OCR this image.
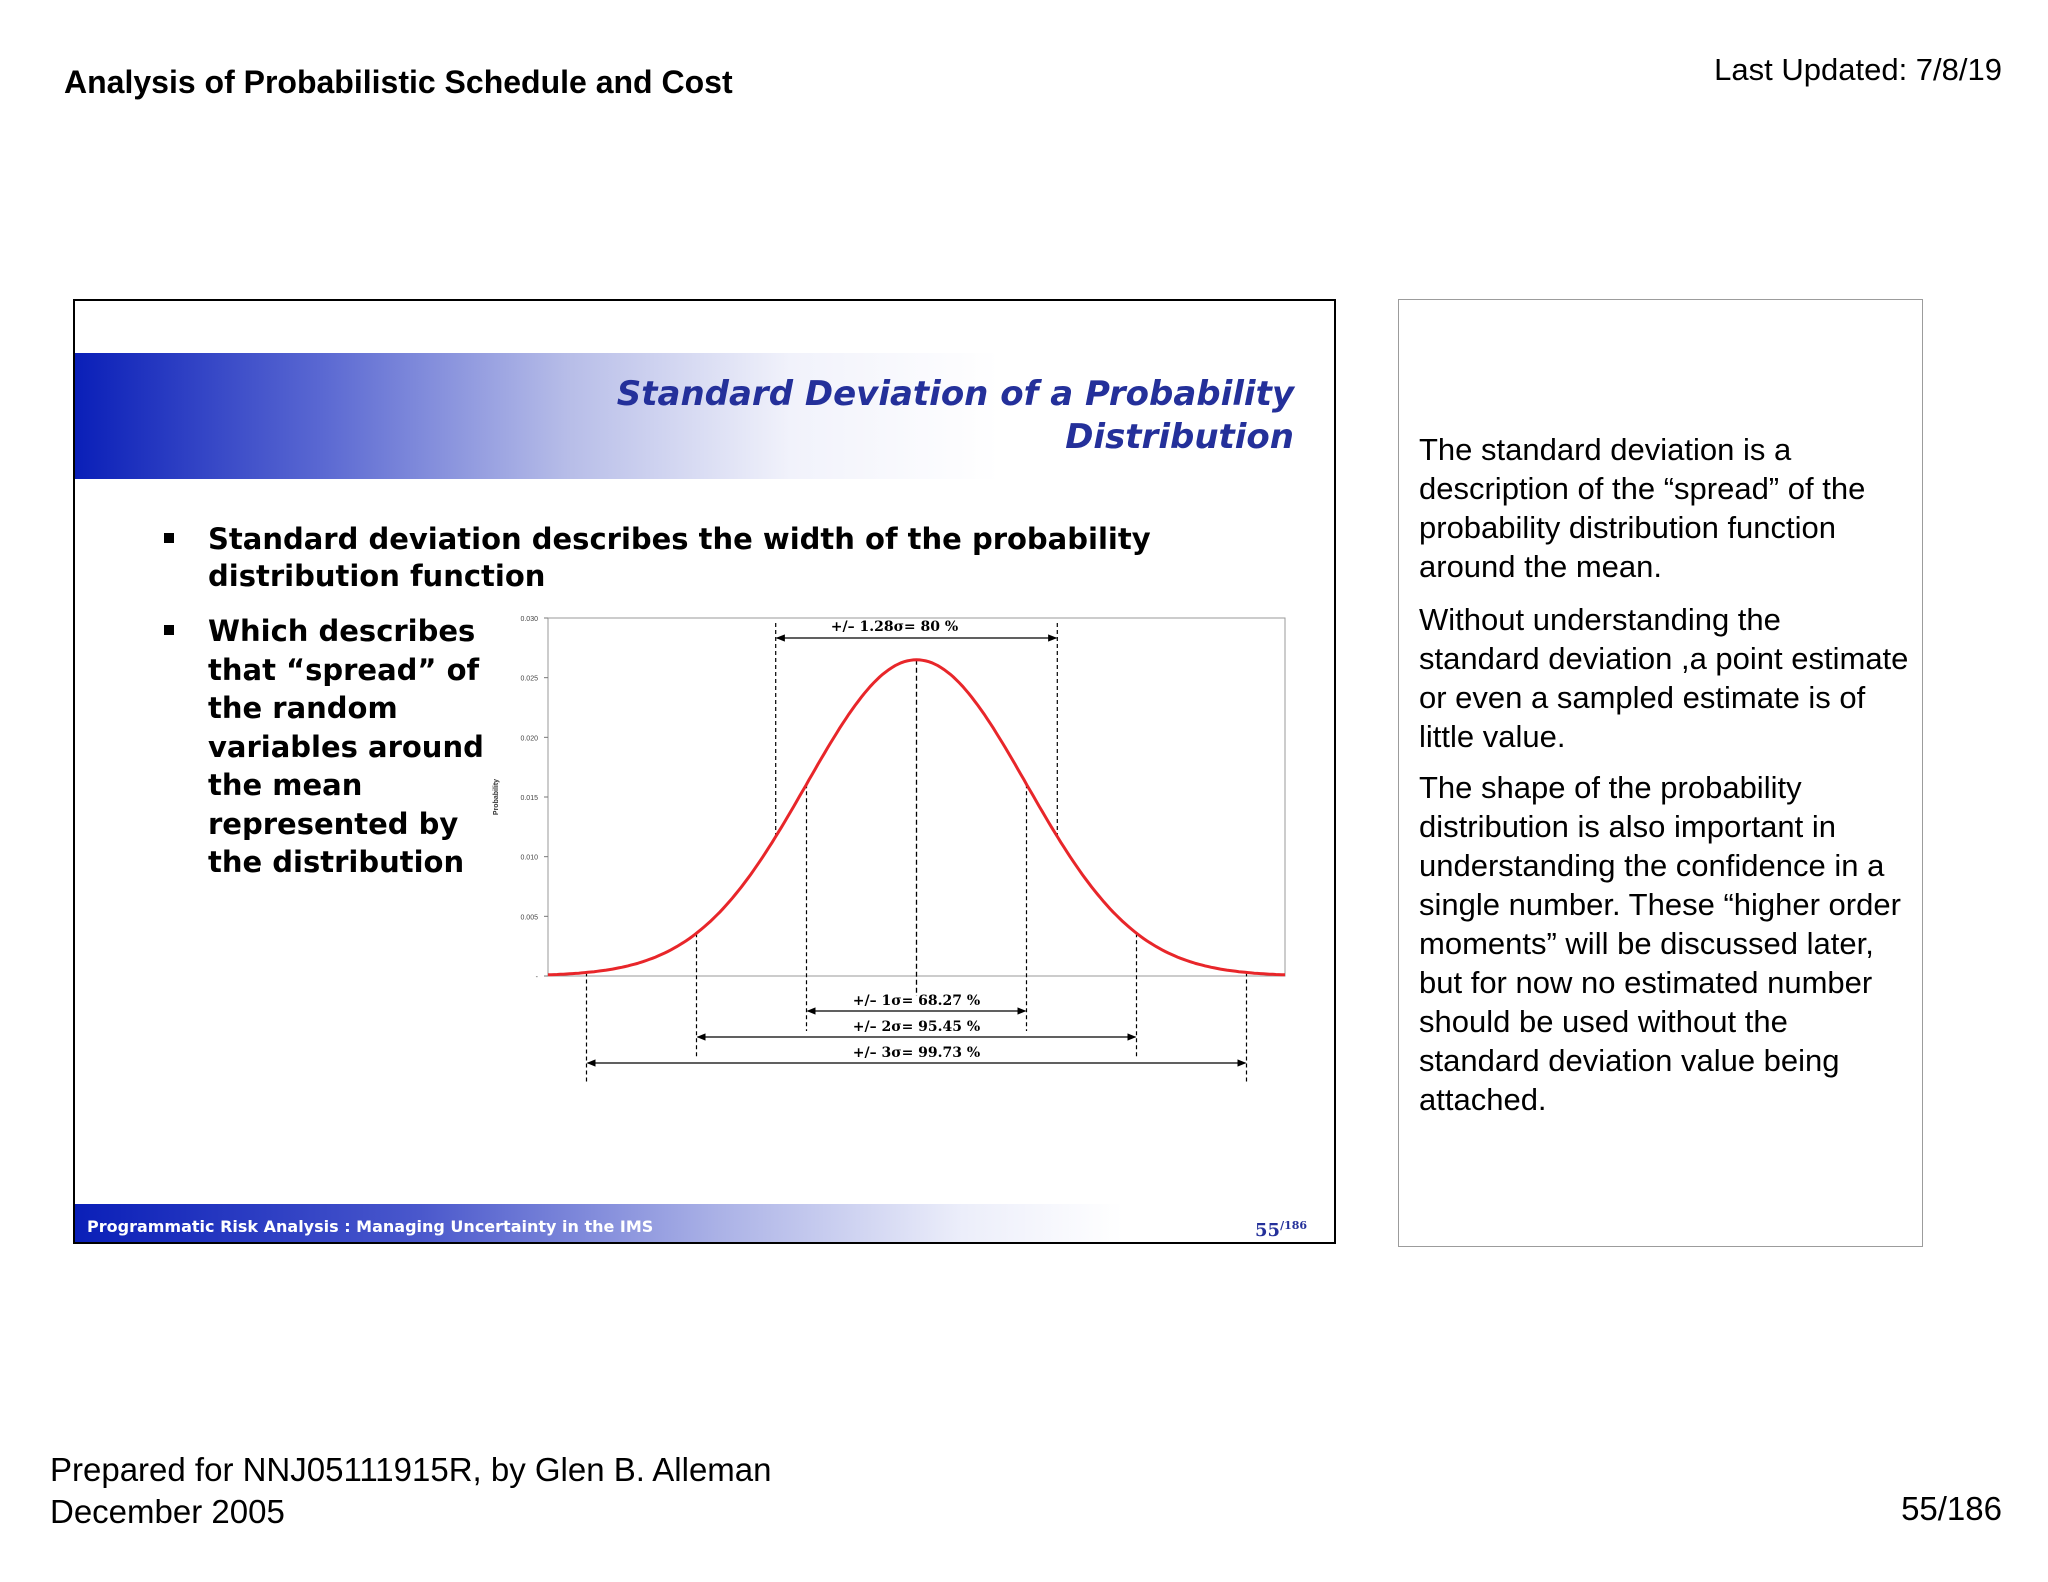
Analysis of Probabilistic Schedule and Cost	Last Updated: 7/8/19
Standard Deviation of a Probability Distribution
Standard deviation describes the width of the probability distribution function
Which describes that “spread” of the random variables around the mean represented by the distribution
0.030
0.025
0.020
0.015
0.010
0.005
-
Probability
+/– 1.28σ= 80 %
+/– 1σ= 68.27 %
+/– 2σ= 95.45 %
+/– 3σ= 99.73 %
Programmatic Risk Analysis : Managing Uncertainty in the IMS	$55^{/186}$

The standard deviation is a description of the “spread” of the probability distribution function around the mean.

Without understanding the standard deviation ,a point estimate or even a sampled estimate is of little value.

The shape of the probability distribution is also important in understanding the confidence in a single number. These “higher order moments” will be discussed later, but for now no estimated number should be used without the standard deviation value being attached.

Prepared for NNJ05111915R, by Glen B. Alleman
December 2005	55/186
